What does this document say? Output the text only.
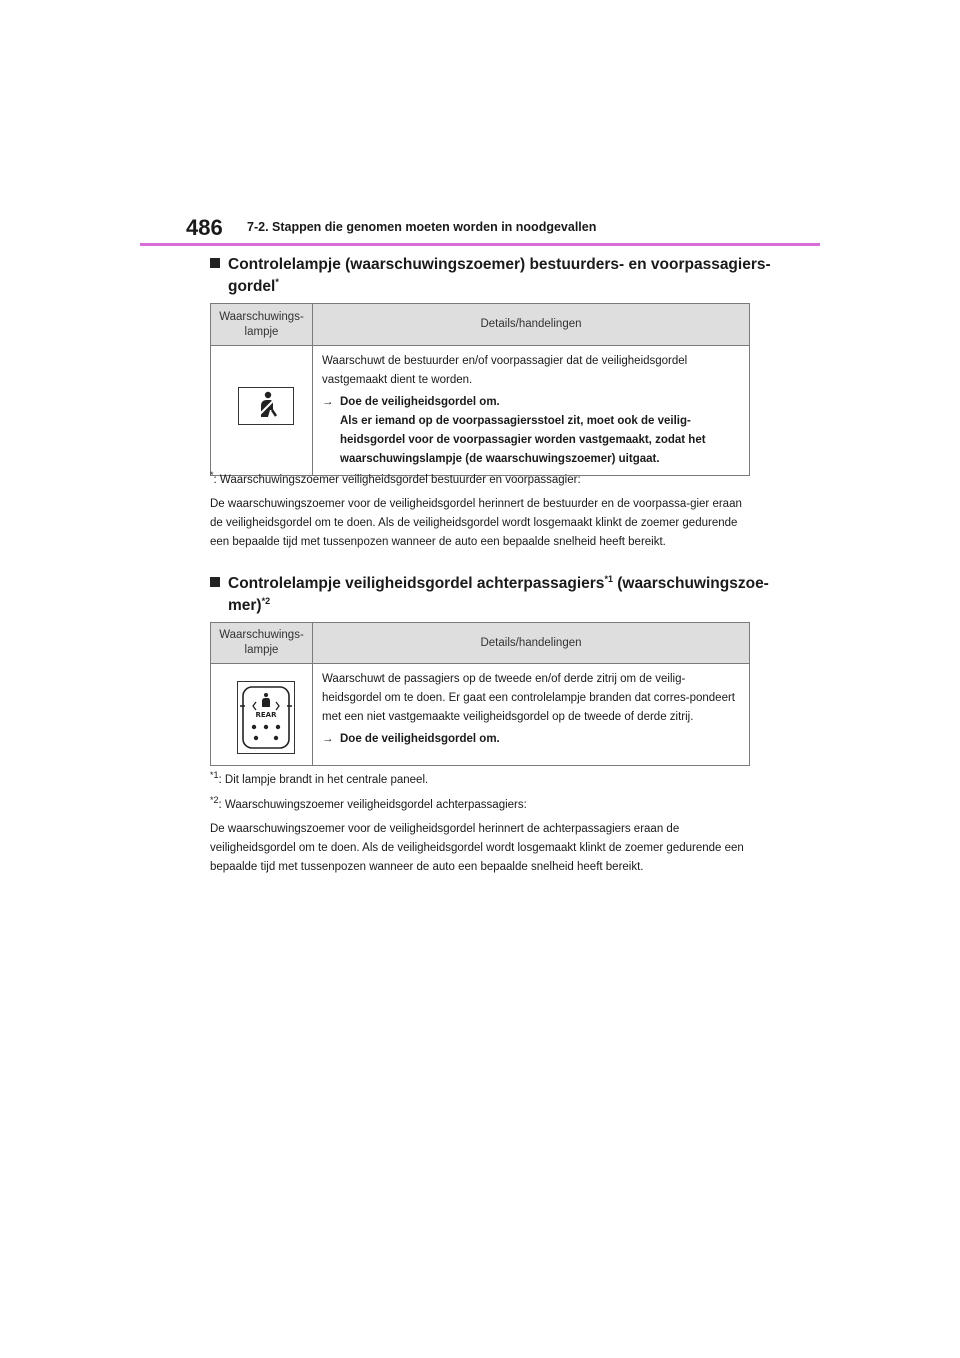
486 7-2. Stappen die genomen moeten worden in noodgevallen
Controlelampje (waarschuwingszoemer) bestuurders- en voorpassagiers-
gordel*
Waarschuwings-
lampje	Details/handelingen

Waarschuwt de bestuurder en/of voorpassagier dat de veiligheidsgordel vastgemaakt dient te worden.

→ Doe de veiligheidsgordel om.
Als er iemand op de voorpassagiersstoel zit, moet ook de veilig-heidsgordel voor de voorpassagier worden vastgemaakt, zodat het waarschuwingslampje (de waarschuwingszoemer) uitgaat.
*: Waarschuwingszoemer veiligheidsgordel bestuurder en voorpassagier:

De waarschuwingszoemer voor de veiligheidsgordel herinnert de bestuurder en de voorpassa-gier eraan de veiligheidsgordel om te doen. Als de veiligheidsgordel wordt losgemaakt klinkt de zoemer gedurende een bepaalde tijd met tussenpozen wanneer de auto een bepaalde snelheid heeft bereikt.

Controlelampje veiligheidsgordel achterpassagiers$^{*1}$ (waarschuwingszoe-
mer)$^{*2}$
Waarschuwings-
lampje	Details/handelingen

REAR	Waarschuwt de passagiers op de tweede en/of derde zitrij om de veilig-heidsgordel om te doen. Er gaat een controlelampje branden dat corres-pondeert met een niet vastgemaakte veiligheidsgordel op de tweede of derde zitrij.

→ Doe de veiligheidsgordel om.
$^{*1}$: Dit lampje brandt in het centrale paneel.
$^{*2}$: Waarschuwingszoemer veiligheidsgordel achterpassagiers:

De waarschuwingszoemer voor de veiligheidsgordel herinnert de achterpassagiers eraan de veiligheidsgordel om te doen. Als de veiligheidsgordel wordt losgemaakt klinkt de zoemer gedurende een bepaalde tijd met tussenpozen wanneer de auto een bepaalde snelheid heeft bereikt.
